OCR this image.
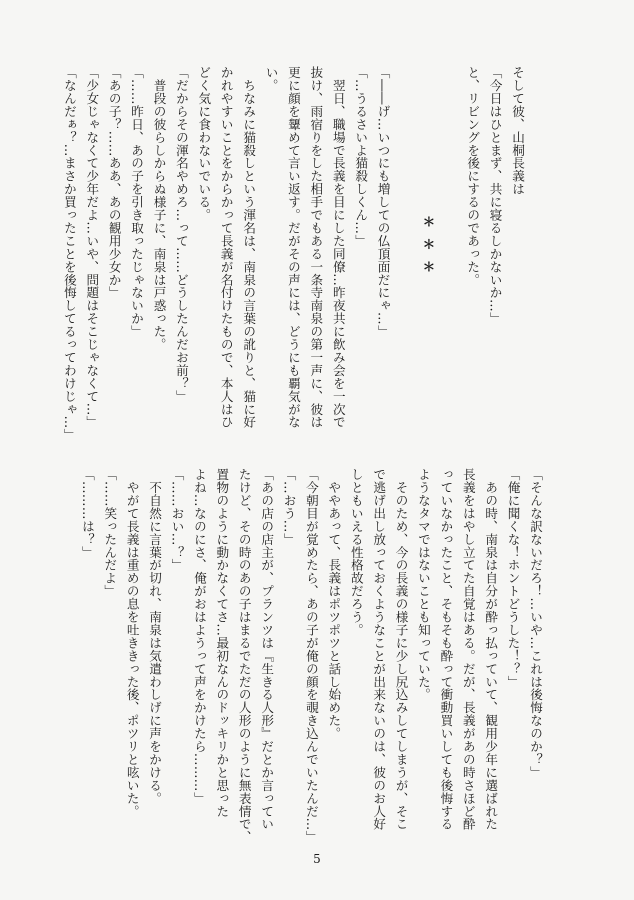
そして彼、山桐長義は

「今日はひとまず、共に寝るしかないか…」

と、リビングを後にするのであった。

＊＊＊

「――げ…いつにも増しての仏頂面だにゃ…」

「…うるさいよ猫殺しくん…」

　翌日、職場で長義を目にした同僚…昨夜共に飲み会を一次で

抜け、雨宿りをした相手でもある一条寺南泉の第一声に、彼は

更に顔を顰めて言い返す。だがその声には、どうにも覇気がな

い。

　ちなみに猫殺しという渾名は、南泉の言葉の訛りと、猫に好

かれやすいことをからかって長義が名付けたもので、本人はひ

どく気に食わないでいる。

「だからその渾名やめろ…って……どうしたんだお前？」

　普段の彼らしからぬ様子に、南泉は戸惑った。

「……昨日、あの子を引き取ったじゃないか」

「あの子？……ああ、あの観用少女か」

「少女じゃなくて少年だよ…いや、問題はそこじゃなくて…」

「なんだぁ？…まさか買ったことを後悔してるってわけじゃ…」

「そんな訳ないだろ！…いや…これは後悔なのか？」

「俺に聞くな！ホントどうした！？」

　あの時、南泉は自分が酔っ払っていて、観用少年に選ばれた

長義をはやし立てた自覚はある。だが、長義があの時さほど酔

っていなかったこと、そもそも酔って衝動買いしても後悔する

ようなタマではないことも知っていた。

　そのため、今の長義の様子に少し尻込みしてしまうが、そこ

で逃げ出し放っておくようなことが出来ないのは、彼のお人好

しともいえる性格故だろう。

　ややあって、長義はポツポツと話し始めた。

「今朝目が覚めたら、あの子が俺の顔を覗き込んでいたんだ…」

「…おう…」

「あの店の店主が、プランツは『生きる人形』だとか言ってい

たけど、その時のあの子はまるでただの人形のように無表情で、

置物のように動かなくてさ…最初なんのドッキリかと思った

よね…なのにさ、俺がおはようって声をかけたら………」

「……おい…？」

　不自然に言葉が切れ、南泉は気遣わしげに声をかける。

　やがて長義は重めの息を吐ききった後、ポツリと呟いた。

「……笑ったんだよ」

「………は？」

5
